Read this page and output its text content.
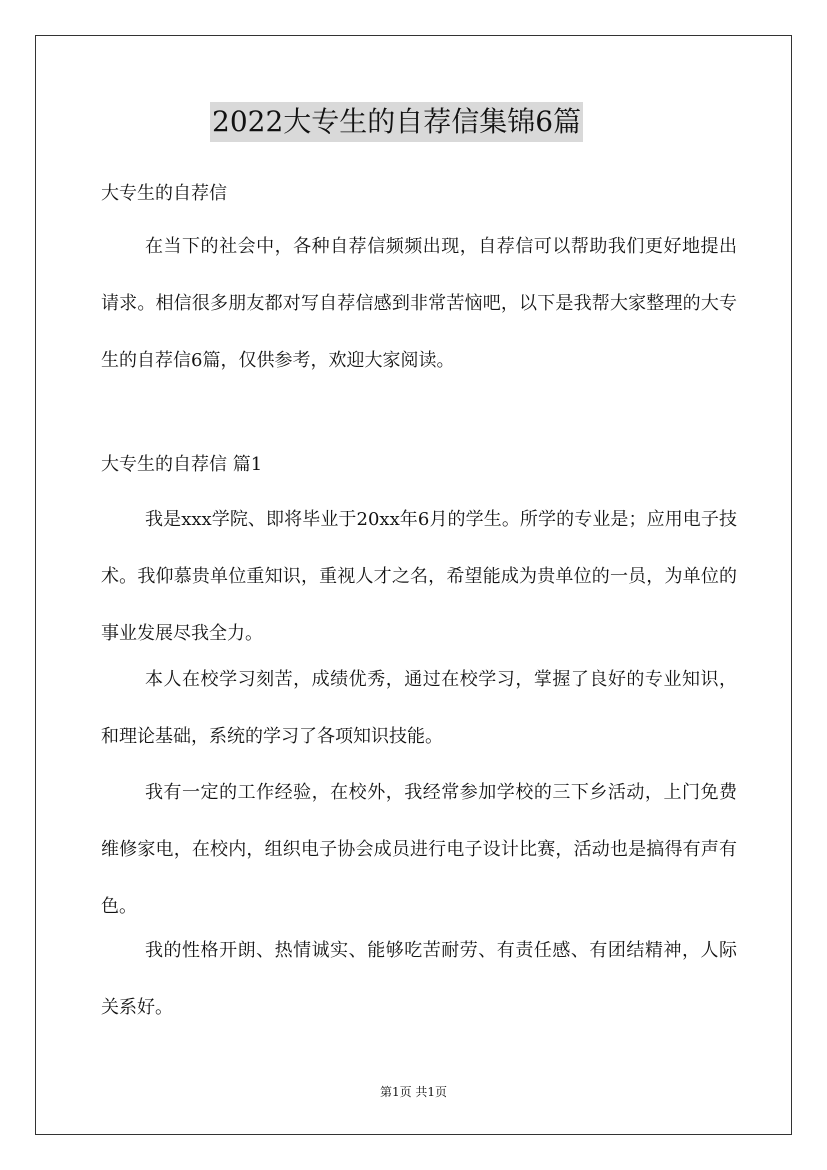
2022大专生的自荐信集锦6篇
大专生的自荐信
在当下的社会中，各种自荐信频频出现，自荐信可以帮助我们更好地提出请求。相信很多朋友都对写自荐信感到非常苦恼吧，以下是我帮大家整理的大专生的自荐信6篇，仅供参考，欢迎大家阅读。
大专生的自荐信 篇1
我是xxx学院、即将毕业于20xx年6月的学生。所学的专业是；应用电子技术。我仰慕贵单位重知识，重视人才之名，希望能成为贵单位的一员，为单位的事业发展尽我全力。
本人在校学习刻苦，成绩优秀，通过在校学习，掌握了良好的专业知识，和理论基础，系统的学习了各项知识技能。
我有一定的工作经验，在校外，我经常参加学校的三下乡活动，上门免费维修家电，在校内，组织电子协会成员进行电子设计比赛，活动也是搞得有声有色。
我的性格开朗、热情诚实、能够吃苦耐劳、有责任感、有团结精神，人际关系好。
第1页 共1页
